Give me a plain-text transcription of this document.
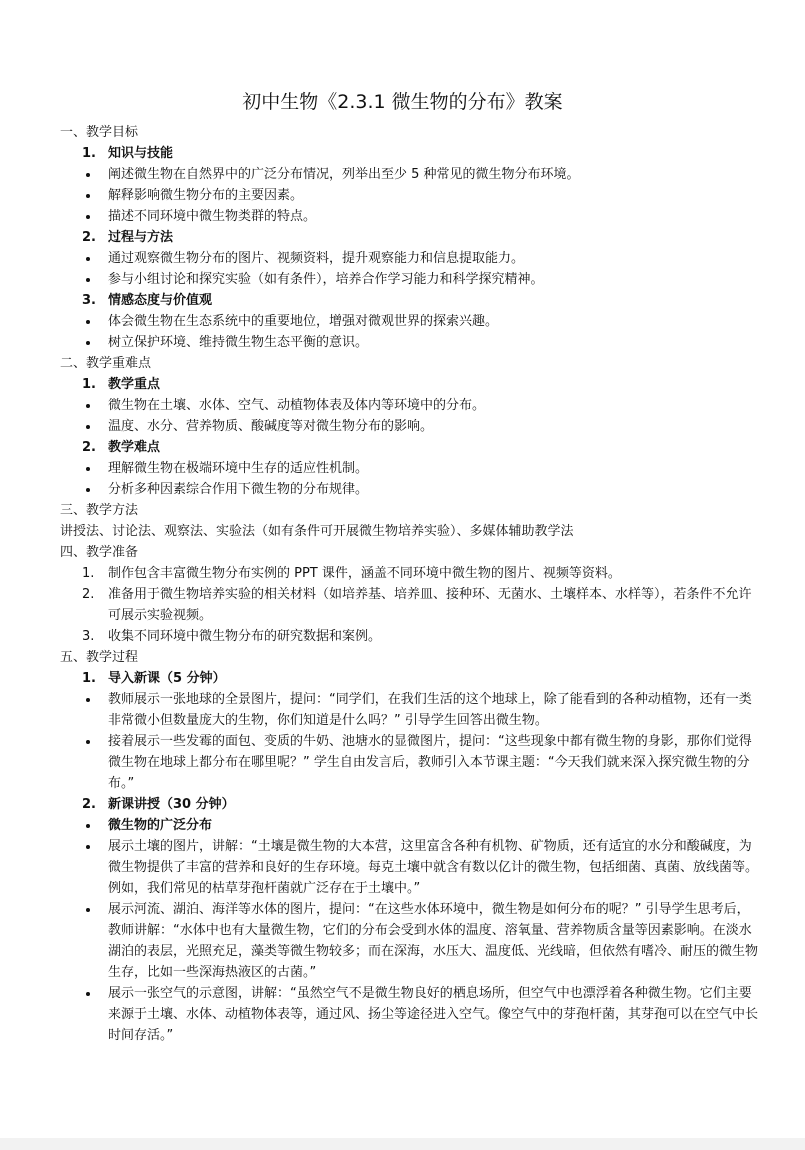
初中生物《2.3.1 微生物的分布》教案
一、教学目标
1. 知识与技能
阐述微生物在自然界中的广泛分布情况，列举出至少 5 种常见的微生物分布环境。
解释影响微生物分布的主要因素。
描述不同环境中微生物类群的特点。
2. 过程与方法
通过观察微生物分布的图片、视频资料，提升观察能力和信息提取能力。
参与小组讨论和探究实验（如有条件），培养合作学习能力和科学探究精神。
3. 情感态度与价值观
体会微生物在生态系统中的重要地位，增强对微观世界的探索兴趣。
树立保护环境、维持微生物生态平衡的意识。
二、教学重难点
1. 教学重点
微生物在土壤、水体、空气、动植物体表及体内等环境中的分布。
温度、水分、营养物质、酸碱度等对微生物分布的影响。
2. 教学难点
理解微生物在极端环境中生存的适应性机制。
分析多种因素综合作用下微生物的分布规律。
三、教学方法
讲授法、讨论法、观察法、实验法（如有条件可开展微生物培养实验）、多媒体辅助教学法
四、教学准备
1. 制作包含丰富微生物分布实例的 PPT 课件，涵盖不同环境中微生物的图片、视频等资料。
2. 准备用于微生物培养实验的相关材料（如培养基、培养皿、接种环、无菌水、土壤样本、水样等），若条件不允许可展示实验视频。
3. 收集不同环境中微生物分布的研究数据和案例。
五、教学过程
1. 导入新课（5 分钟）
教师展示一张地球的全景图片，提问：“同学们，在我们生活的这个地球上，除了能看到的各种动植物，还有一类非常微小但数量庞大的生物，你们知道是什么吗？” 引导学生回答出微生物。
接着展示一些发霉的面包、变质的牛奶、池塘水的显微图片，提问：“这些现象中都有微生物的身影，那你们觉得微生物在地球上都分布在哪里呢？” 学生自由发言后，教师引入本节课主题：“今天我们就来深入探究微生物的分布。”
2. 新课讲授（30 分钟）
微生物的广泛分布
展示土壤的图片，讲解：“土壤是微生物的大本营，这里富含各种有机物、矿物质，还有适宜的水分和酸碱度，为微生物提供了丰富的营养和良好的生存环境。每克土壤中就含有数以亿计的微生物，包括细菌、真菌、放线菌等。例如，我们常见的枯草芽孢杆菌就广泛存在于土壤中。”
展示河流、湖泊、海洋等水体的图片，提问：“在这些水体环境中，微生物是如何分布的呢？” 引导学生思考后，教师讲解：“水体中也有大量微生物，它们的分布会受到水体的温度、溶氧量、营养物质含量等因素影响。在淡水湖泊的表层，光照充足，藻类等微生物较多；而在深海，水压大、温度低、光线暗，但依然有嗜冷、耐压的微生物生存，比如一些深海热液区的古菌。”
展示一张空气的示意图，讲解：“虽然空气不是微生物良好的栖息场所，但空气中也漂浮着各种微生物。它们主要来源于土壤、水体、动植物体表等，通过风、扬尘等途径进入空气。像空气中的芽孢杆菌，其芽孢可以在空气中长时间存活。”
